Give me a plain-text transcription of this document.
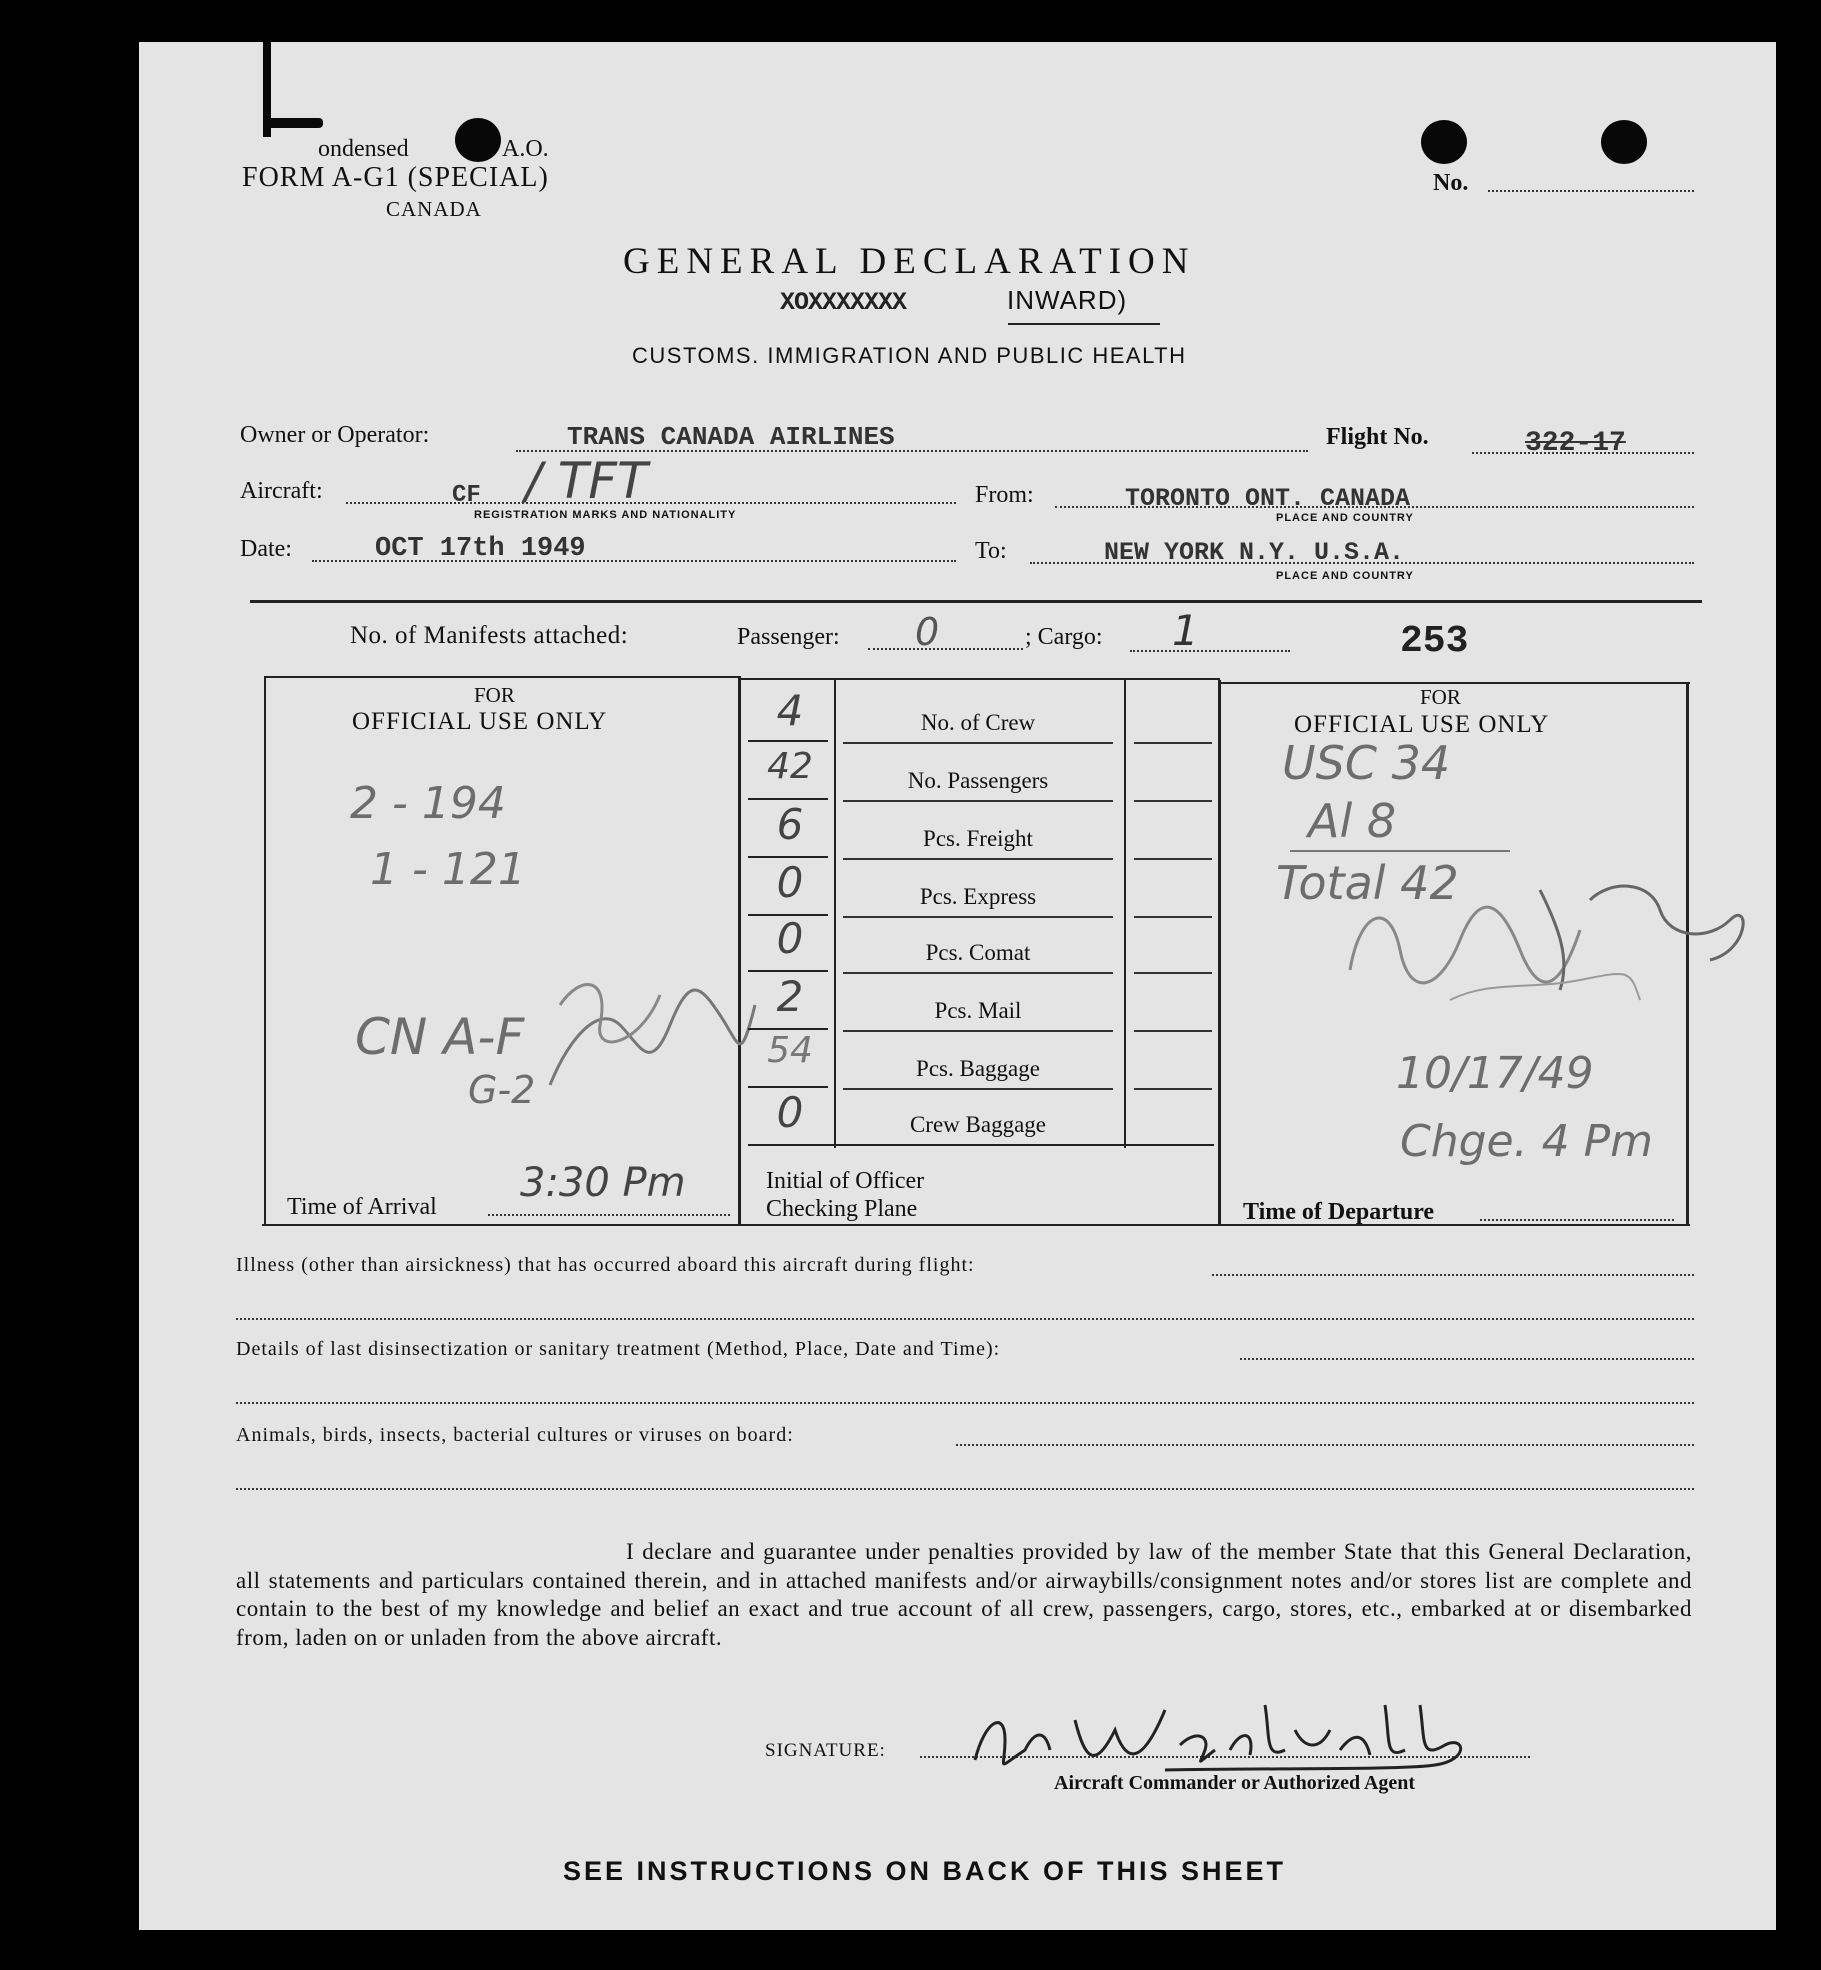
ondensed	A.O.
FORM A-G1 (SPECIAL)
CANADA
No.
GENERAL DECLARATION
XOXXXXXXX	INWARD)
CUSTOMS. IMMIGRATION AND PUBLIC HEALTH
Owner or Operator:	TRANS CANADA AIRLINES	Flight No.	322-17
Aircraft:	CF / TFT
REGISTRATION MARKS AND NATIONALITY
From:	TORONTO ONT. CANADA
PLACE AND COUNTRY
Date:	OCT 17th 1949	To:	NEW YORK N.Y. U.S.A.
PLACE AND COUNTRY
No. of Manifests attached:	Passenger: 0	; Cargo: 1	253
FOR
OFFICIAL USE ONLY
2 - 194
1 - 121
CN A-F
G-2
Time of Arrival
3:30 Pm
4	No. of Crew
42	No. Passengers
6	Pcs. Freight
0	Pcs. Express
0	Pcs. Comat
2	Pcs. Mail
54	Pcs. Baggage
0	Crew Baggage
Initial of Officer
Checking Plane
FOR
OFFICIAL USE ONLY
USC 34
Al 8
Total 42
10/17/49
Chge. 4 Pm
Time of Departure
Illness (other than airsickness) that has occurred aboard this aircraft during flight:
Details of last disinsectization or sanitary treatment (Method, Place, Date and Time):
Animals, birds, insects, bacterial cultures or viruses on board:
I declare and guarantee under penalties provided by law of the member State that this General Declaration, all statements and particulars contained therein, and in attached manifests and/or airwaybills/consignment notes and/or stores list are complete and contain to the best of my knowledge and belief an exact and true account of all crew, passengers, cargo, stores, etc., embarked at or disembarked from, laden on or unladen from the above aircraft.
SIGNATURE:
Aircraft Commander or Authorized Agent
SEE INSTRUCTIONS ON BACK OF THIS SHEET
